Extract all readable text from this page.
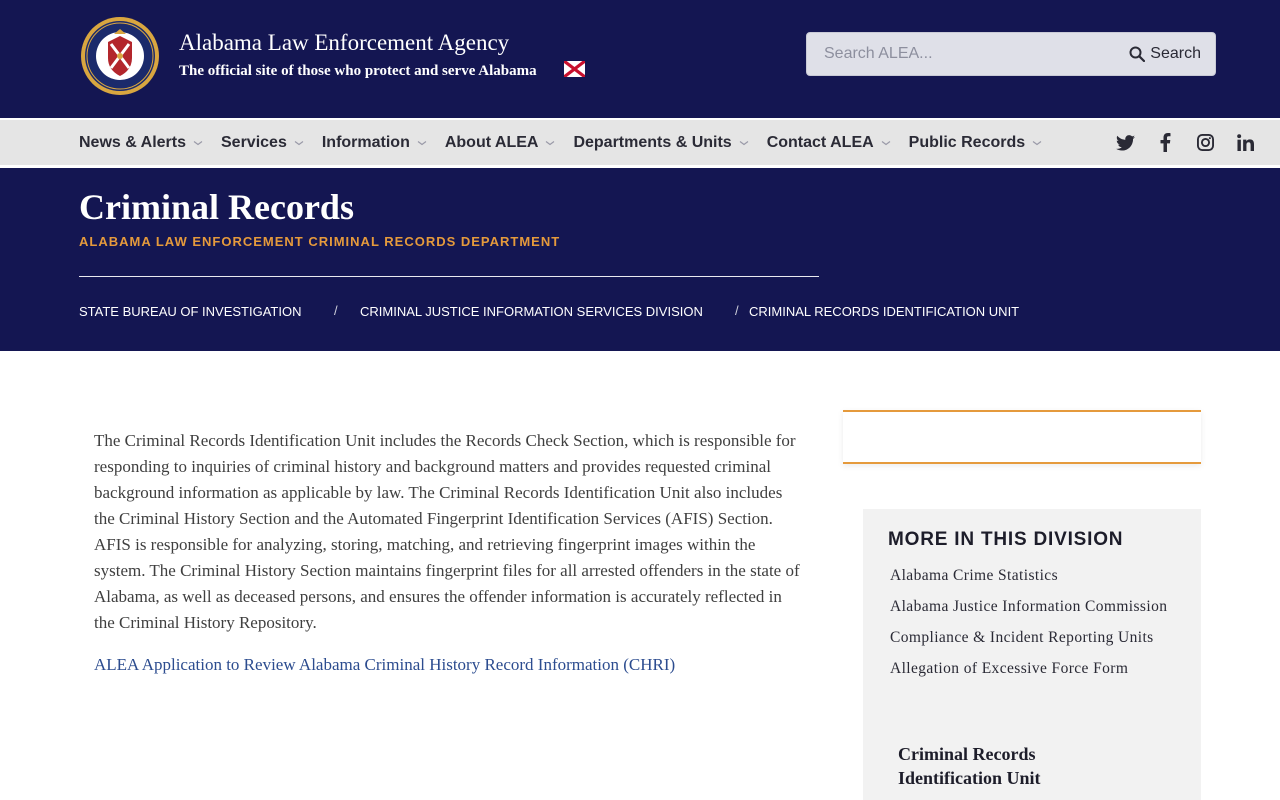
Alabama Law Enforcement Agency
The official site of those who protect and serve Alabama
Search ALEA...
Search
News & Alerts Services Information About ALEA Departments & Units Contact ALEA Public Records
Criminal Records
ALABAMA LAW ENFORCEMENT CRIMINAL RECORDS DEPARTMENT
STATE BUREAU OF INVESTIGATION	/ CRIMINAL JUSTICE INFORMATION SERVICES DIVISION / CRIMINAL RECORDS IDENTIFICATION UNIT

The Criminal Records Identification Unit includes the Records Check Section, which is responsible for responding to inquiries of criminal history and background matters and provides requested criminal background information as applicable by law. The Criminal Records Identification Unit also includes the Criminal History Section and the Automated Fingerprint Identification Services (AFIS) Section. AFIS is responsible for analyzing, storing, matching, and retrieving fingerprint images within the system. The Criminal History Section maintains fingerprint files for all arrested offenders in the state of Alabama, as well as deceased persons, and ensures the offender information is accurately reflected in the Criminal History Repository.

ALEA Application to Review Alabama Criminal History Record Information (CHRI)
MORE IN THIS DIVISION
Alabama Crime Statistics
Alabama Justice Information Commission
Compliance & Incident Reporting Units
Allegation of Excessive Force Form
Criminal Records Identification Unit
